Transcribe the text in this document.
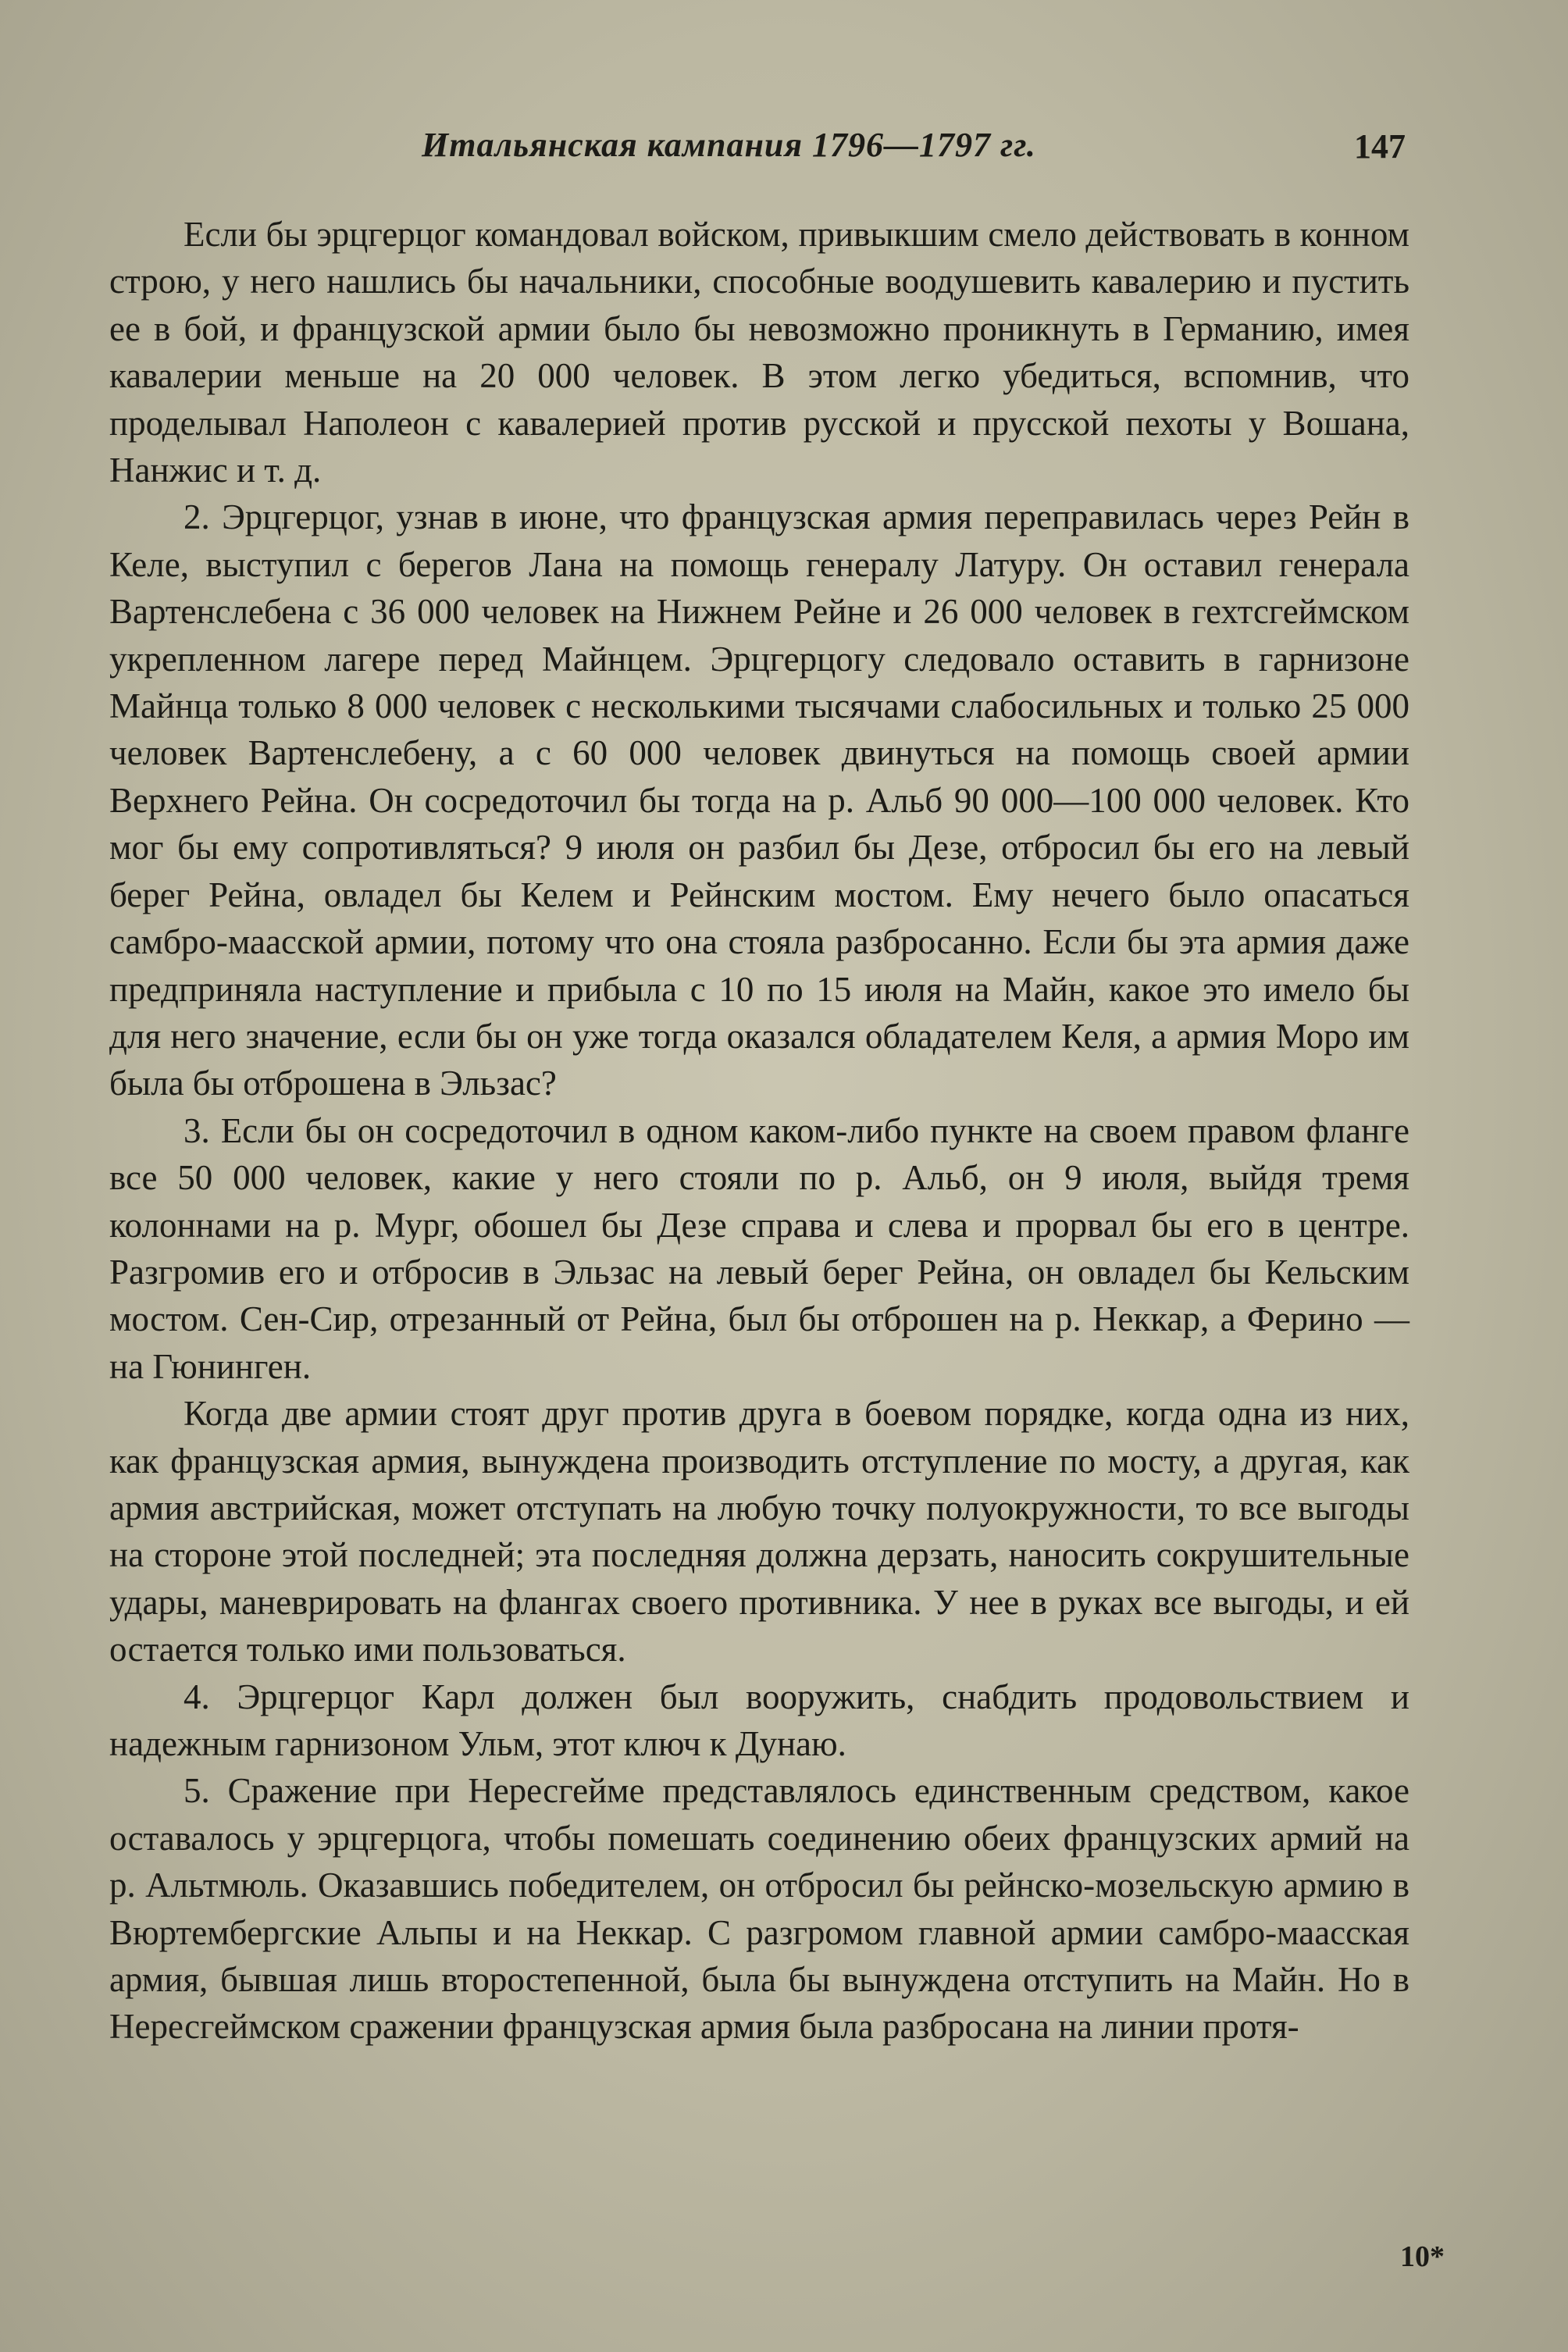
Итальянская кампания 1796—1797 гг.	147

Если бы эрцгерцог командовал войском, привыкшим смело действовать в конном строю, у него нашлись бы начальники, способные воодушевить кавалерию и пустить ее в бой, и французской армии было бы невозможно проникнуть в Германию, имея кавалерии меньше на 20 000 человек. В этом легко убедиться, вспомнив, что проделывал Наполеон с кавалерией против русской и прусской пехоты у Вошана, Нанжис и т. д.

2. Эрцгерцог, узнав в июне, что французская армия переправилась через Рейн в Келе, выступил с берегов Лана на помощь генералу Латуру. Он оставил генерала Вартенслебена с 36 000 человек на Нижнем Рейне и 26 000 человек в гехтсгеймском укрепленном лагере перед Майнцем. Эрцгерцогу следовало оставить в гарнизоне Майнца только 8 000 человек с несколькими тысячами слабосильных и только 25 000 человек Вартенслебену, а с 60 000 человек двинуться на помощь своей армии Верхнего Рейна. Он сосредоточил бы тогда на р. Альб 90 000—100 000 человек. Кто мог бы ему сопротивляться? 9 июля он разбил бы Дезе, отбросил бы его на левый берег Рейна, овладел бы Келем и Рейнским мостом. Ему нечего было опасаться самбро-маасской армии, потому что она стояла разбросанно. Если бы эта армия даже предприняла наступление и прибыла с 10 по 15 июля на Майн, какое это имело бы для него значение, если бы он уже тогда оказался обладателем Келя, а армия Моро им была бы отброшена в Эльзас?

3. Если бы он сосредоточил в одном каком-либо пункте на своем правом фланге все 50 000 человек, какие у него стояли по р. Альб, он 9 июля, выйдя тремя колоннами на р. Мург, обошел бы Дезе справа и слева и прорвал бы его в центре. Разгромив его и отбросив в Эльзас на левый берег Рейна, он овладел бы Кельским мостом. Сен-Сир, отрезанный от Рейна, был бы отброшен на р. Неккар, а Ферино — на Гюнинген.

Когда две армии стоят друг против друга в боевом порядке, когда одна из них, как французская армия, вынуждена производить отступление по мосту, а другая, как армия австрийская, может отступать на любую точку полуокружности, то все выгоды на стороне этой последней; эта последняя должна дерзать, наносить сокрушительные удары, маневрировать на флангах своего противника. У нее в руках все выгоды, и ей остается только ими пользоваться.

4. Эрцгерцог Карл должен был вооружить, снабдить продовольствием и надежным гарнизоном Ульм, этот ключ к Дунаю.

5. Сражение при Нересгейме представлялось единственным средством, какое оставалось у эрцгерцога, чтобы помешать соединению обеих французских армий на р. Альтмюль. Оказавшись победителем, он отбросил бы рейнско-мозельскую армию в Вюртембергские Альпы и на Неккар. С разгромом главной армии самбро-маасская армия, бывшая лишь второстепенной, была бы вынуждена отступить на Майн. Но в Нересгеймском сражении французская армия была разбросана на линии протя-

10*
